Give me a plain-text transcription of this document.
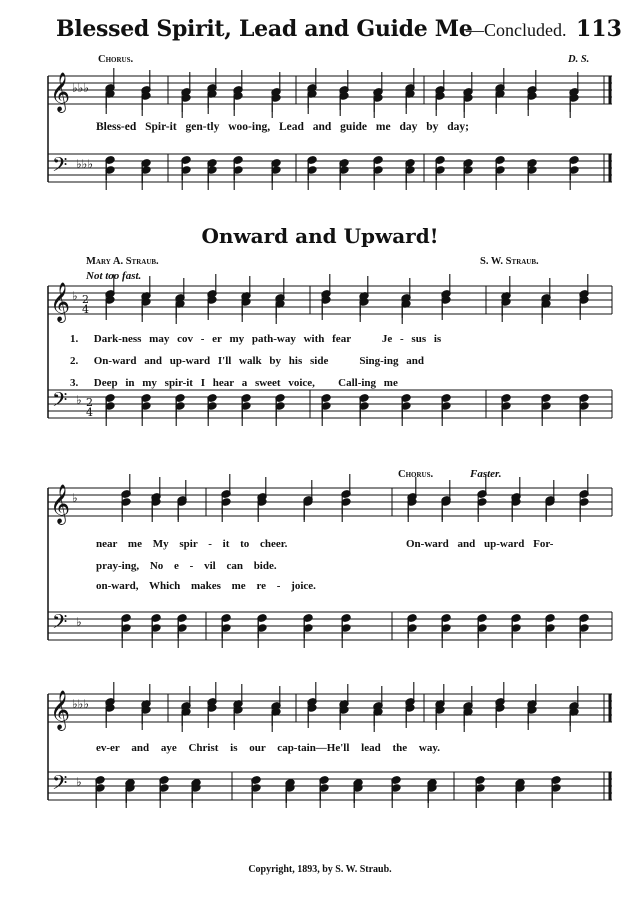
Blessed Spirit, Lead and Guide Me
—Concluded. 113
𝄞
𝄢
♭♭♭
♭♭♭
𝄞
𝄢
♭
♭
2
4
2
4
𝄞
𝄢
♭
♭
𝄞
𝄢
♭♭♭
♭
Chorus.	D. S.
Bless-ed Spir-it gen-tly woo-ing, Lead and guide me day by day;
Onward and Upward!
Mary A. Straub.	S. W. Straub.
Not too fast.
1.  Dark-ness may cov - er my path-way with fear    Je - sus is
2.  On-ward and up-ward I'll walk by his side    Sing-ing and
3.  Deep in my spir-it I hear a sweet voice,   Call-ing me
Chorus.	Faster.
near me My spir - it to cheer.
pray-ing, No e - vil can bide.
on-ward, Which makes me re - joice.
On-ward and up-ward For-
ev-er and aye Christ is our cap-tain—He'll lead the way.
Copyright, 1893, by S. W. Straub.
